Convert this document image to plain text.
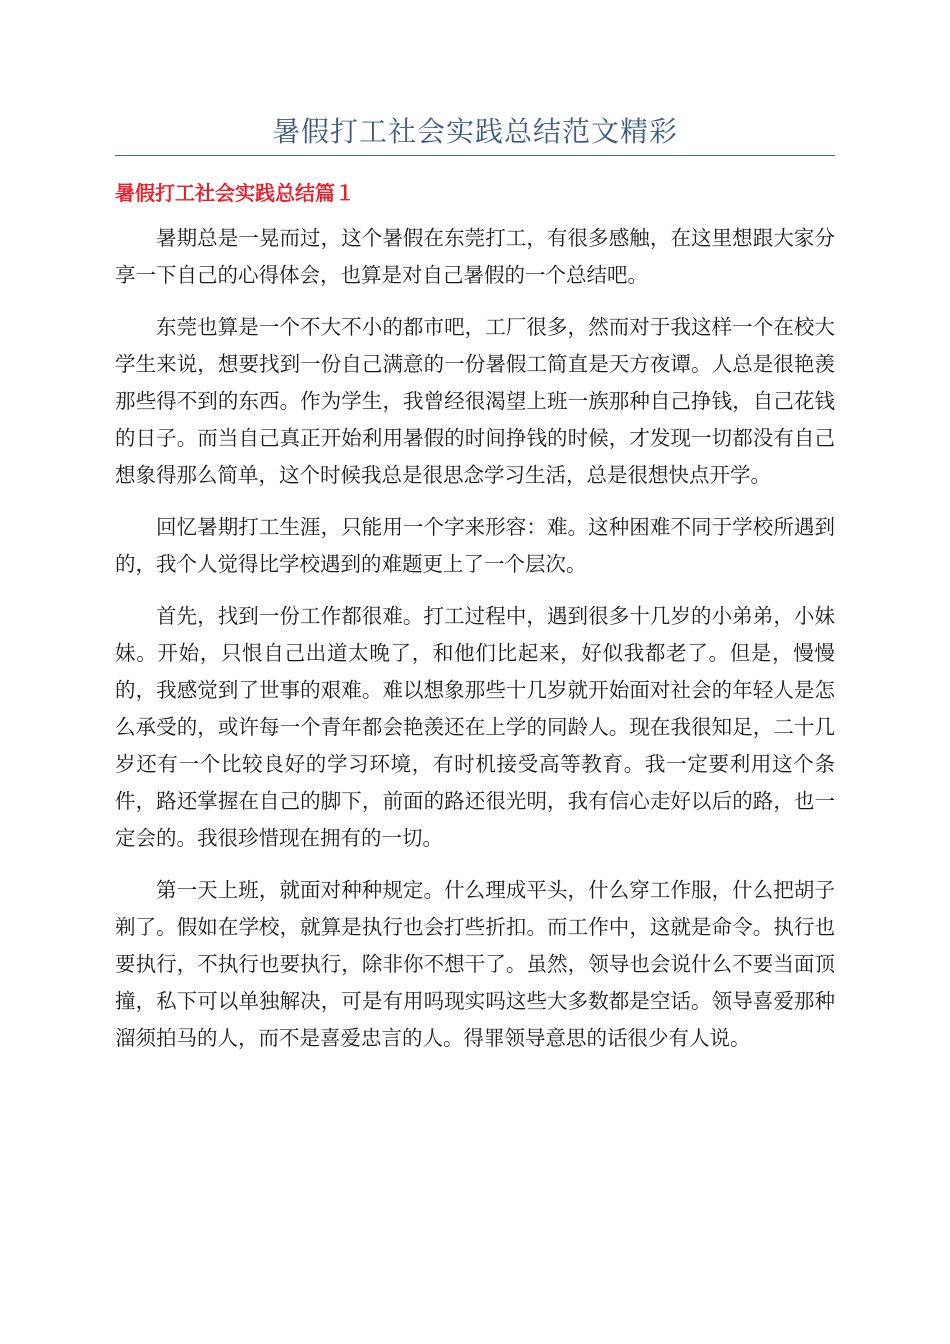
暑假打工社会实践总结范文精彩
暑假打工社会实践总结篇１

暑期总是一晃而过，这个暑假在东莞打工，有很多感触，在这里想跟大家分享一下自己的心得体会，也算是对自己暑假的一个总结吧。

东莞也算是一个不大不小的都市吧，工厂很多，然而对于我这样一个在校大学生来说，想要找到一份自己满意的一份暑假工简直是天方夜谭。人总是很艳羡那些得不到的东西。作为学生，我曾经很渴望上班一族那种自己挣钱，自己花钱的日子。而当自己真正开始利用暑假的时间挣钱的时候，才发现一切都没有自己想象得那么简单，这个时候我总是很思念学习生活，总是很想快点开学。

回忆暑期打工生涯，只能用一个字来形容：难。这种困难不同于学校所遇到的，我个人觉得比学校遇到的难题更上了一个层次。

首先，找到一份工作都很难。打工过程中，遇到很多十几岁的小弟弟，小妹妹。开始，只恨自己出道太晚了，和他们比起来，好似我都老了。但是，慢慢的，我感觉到了世事的艰难。难以想象那些十几岁就开始面对社会的年轻人是怎么承受的，或许每一个青年都会艳羡还在上学的同龄人。现在我很知足，二十几岁还有一个比较良好的学习环境，有时机接受高等教育。我一定要利用这个条件，路还掌握在自己的脚下，前面的路还很光明，我有信心走好以后的路，也一定会的。我很珍惜现在拥有的一切。

第一天上班，就面对种种规定。什么理成平头，什么穿工作服，什么把胡子剃了。假如在学校，就算是执行也会打些折扣。而工作中，这就是命令。执行也要执行，不执行也要执行，除非你不想干了。虽然，领导也会说什么不要当面顶撞，私下可以单独解决，可是有用吗现实吗这些大多数都是空话。领导喜爱那种溜须拍马的人，而不是喜爱忠言的人。得罪领导意思的话很少有人说。
